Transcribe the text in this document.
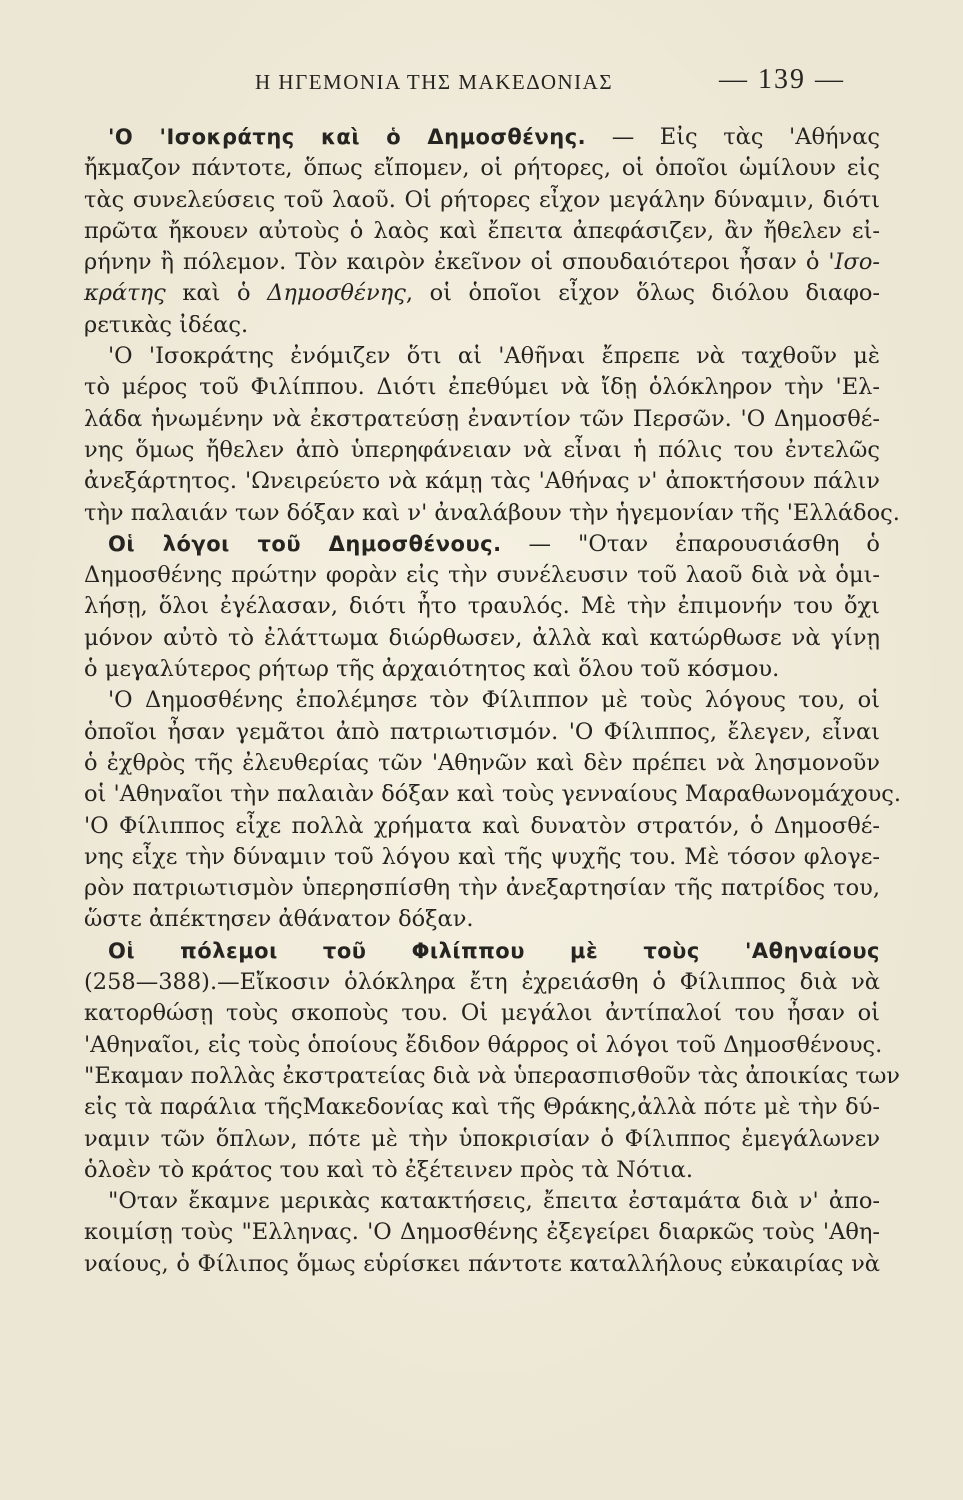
Η ΗΓΕΜΟΝΙΑ ΤΗΣ ΜΑΚΕΔΟΝΙΑΣ	— 139 —
'Ο 'Ισοκράτης καὶ ὁ Δημοσθένης. — Εἰς τὰς 'Αθήνας
ἤκμαζον πάντοτε, ὅπως εἴπομεν, οἱ ρήτορες, οἱ ὁποῖοι ὡμίλουν εἰς
τὰς συνελεύσεις τοῦ λαοῦ. Οἱ ρήτορες εἶχον μεγάλην δύναμιν, διότι
πρῶτα ἤκουεν αὐτοὺς ὁ λαὸς καὶ ἔπειτα ἀπεφάσιζεν, ἂν ἤθελεν εἰ-
ρήνην ἢ πόλεμον. Τὸν καιρὸν ἐκεῖνον οἱ σπουδαιότεροι ἦσαν ὁ 'Ισο-
κράτης καὶ ὁ Δημοσθένης, οἱ ὁποῖοι εἶχον ὅλως διόλου διαφο-
ρετικὰς ἰδέας.
'Ο 'Ισοκράτης ἐνόμιζεν ὅτι αἱ 'Αθῆναι ἔπρεπε νὰ ταχθοῦν μὲ
τὸ μέρος τοῦ Φιλίππου. Διότι ἐπεθύμει νὰ ἴδῃ ὁλόκληρον τὴν 'Ελ-
λάδα ἡνωμένην νὰ ἐκστρατεύσῃ ἐναντίον τῶν Περσῶν. 'Ο Δημοσθέ-
νης ὅμως ἤθελεν ἀπὸ ὑπερηφάνειαν νὰ εἶναι ἡ πόλις του ἐντελῶς
ἀνεξάρτητος. 'Ωνειρεύετο νὰ κάμῃ τὰς 'Αθήνας ν' ἀποκτήσουν πάλιν
τὴν παλαιάν των δόξαν καὶ ν' ἀναλάβουν τὴν ἡγεμονίαν τῆς 'Ελλάδος.
Οἱ λόγοι τοῦ Δημοσθένους. — "Οταν ἐπαρουσιάσθη ὁ
Δημοσθένης πρώτην φορὰν εἰς τὴν συνέλευσιν τοῦ λαοῦ διὰ νὰ ὁμι-
λήσῃ, ὅλοι ἐγέλασαν, διότι ἦτο τραυλός. Μὲ τὴν ἐπιμονήν του ὄχι
μόνον αὐτὸ τὸ ἐλάττωμα διώρθωσεν, ἀλλὰ καὶ κατώρθωσε νὰ γίνῃ
ὁ μεγαλύτερος ρήτωρ τῆς ἀρχαιότητος καὶ ὅλου τοῦ κόσμου.
'Ο Δημοσθένης ἐπολέμησε τὸν Φίλιππον μὲ τοὺς λόγους του, οἱ
ὁποῖοι ἦσαν γεμᾶτοι ἀπὸ πατριωτισμόν. 'Ο Φίλιππος, ἔλεγεν, εἶναι
ὁ ἐχθρὸς τῆς ἐλευθερίας τῶν 'Αθηνῶν καὶ δὲν πρέπει νὰ λησμονοῦν
οἱ 'Αθηναῖοι τὴν παλαιὰν δόξαν καὶ τοὺς γενναίους Μαραθωνομάχους.
'Ο Φίλιππος εἶχε πολλὰ χρήματα καὶ δυνατὸν στρατόν, ὁ Δημοσθέ-
νης εἶχε τὴν δύναμιν τοῦ λόγου καὶ τῆς ψυχῆς του. Μὲ τόσον φλογε-
ρὸν πατριωτισμὸν ὑπερησπίσθη τὴν ἀνεξαρτησίαν τῆς πατρίδος του,
ὥστε ἀπέκτησεν ἀθάνατον δόξαν.
Οἱ πόλεμοι τοῦ Φιλίππου μὲ τοὺς 'Αθηναίους
(258—388).—Εἴκοσιν ὁλόκληρα ἔτη ἐχρειάσθη ὁ Φίλιππος διὰ νὰ
κατορθώσῃ τοὺς σκοποὺς του. Οἱ μεγάλοι ἀντίπαλοί του ἦσαν οἱ
'Αθηναῖοι, εἰς τοὺς ὁποίους ἔδιδον θάρρος οἱ λόγοι τοῦ Δημοσθένους.
"Εκαμαν πολλὰς ἐκστρατείας διὰ νὰ ὑπερασπισθοῦν τὰς ἀποικίας των
εἰς τὰ παράλια τῆςΜακεδονίας καὶ τῆς Θράκης,ἀλλὰ πότε μὲ τὴν δύ-
ναμιν τῶν ὅπλων, πότε μὲ τὴν ὑποκρισίαν ὁ Φίλιππος ἐμεγάλωνεν
ὁλοὲν τὸ κράτος του καὶ τὸ ἐξέτεινεν πρὸς τὰ Νότια.
"Οταν ἔκαμνε μερικὰς κατακτήσεις, ἔπειτα ἐσταμάτα διὰ ν' ἀπο-
κοιμίσῃ τοὺς "Ελληνας. 'Ο Δημοσθένης ἐξεγείρει διαρκῶς τοὺς 'Αθη-
ναίους, ὁ Φίλιπος ὅμως εὑρίσκει πάντοτε καταλλήλους εὐκαιρίας νὰ
